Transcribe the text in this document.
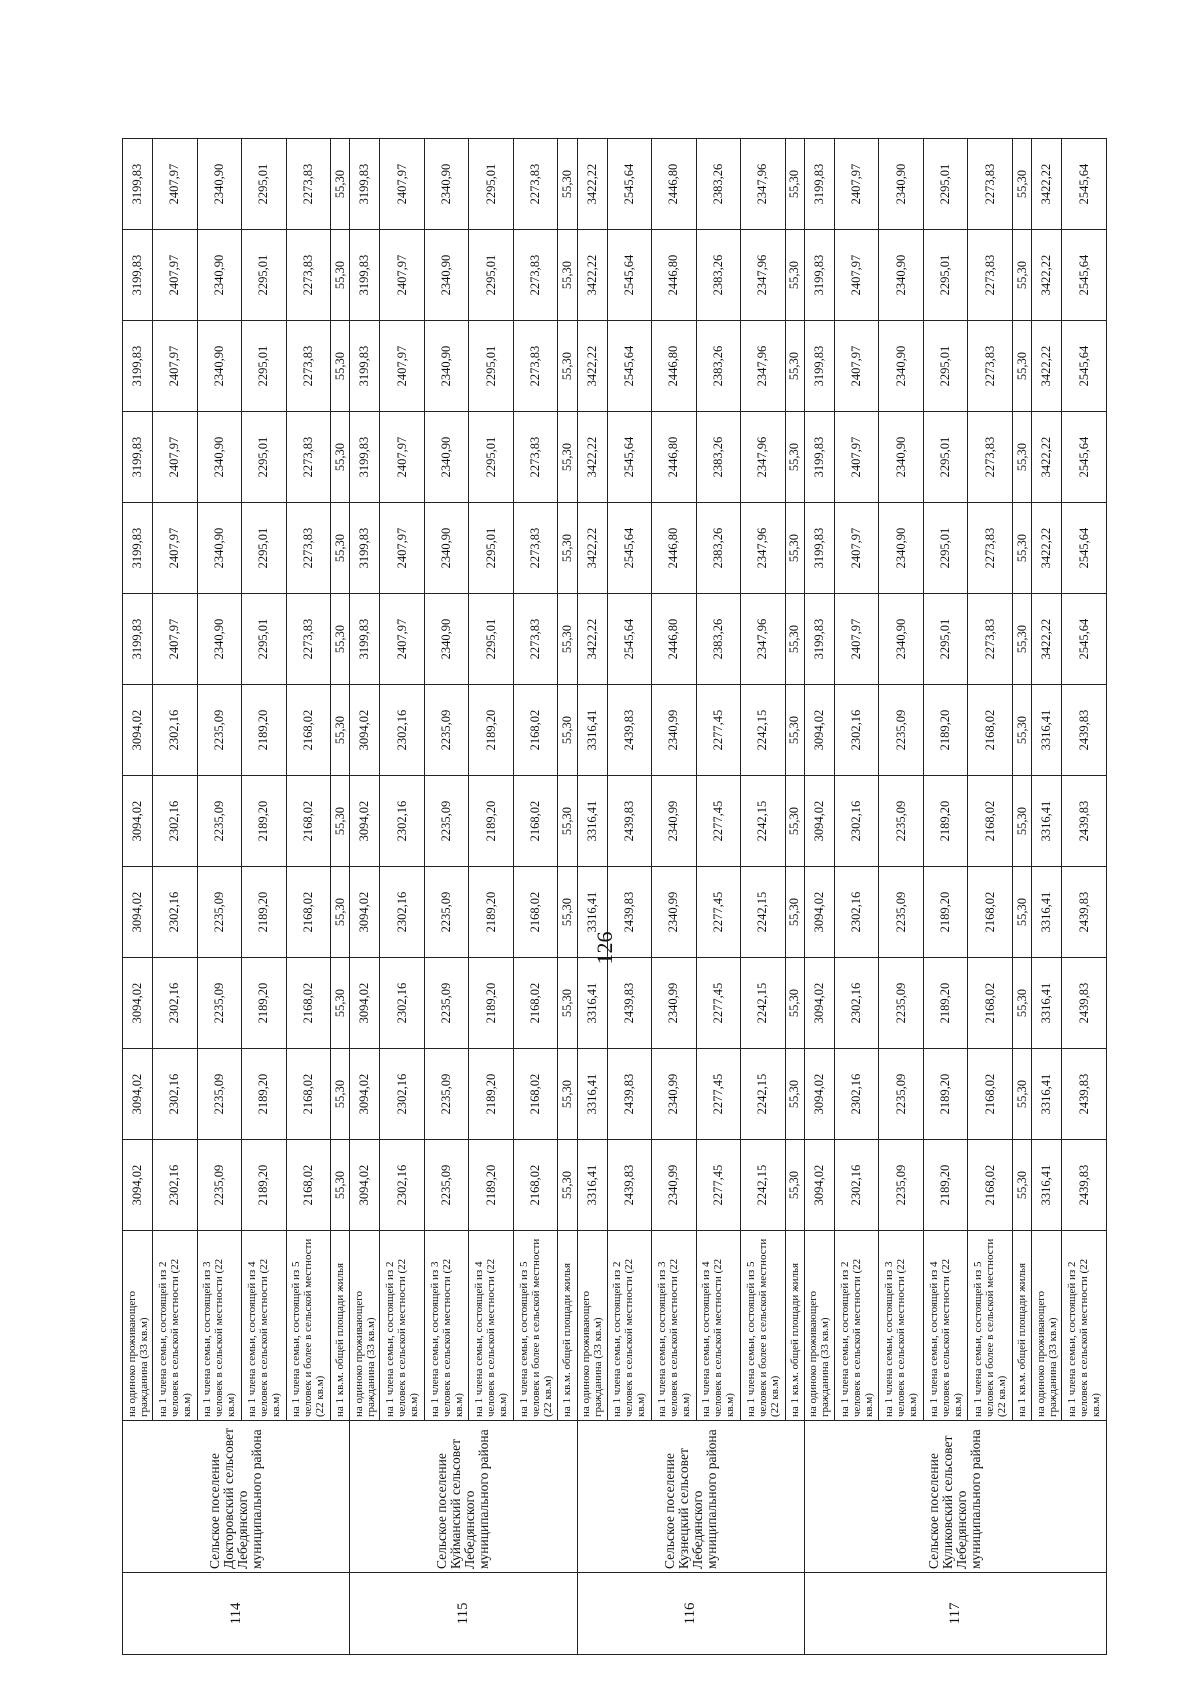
114	Сельское поселение Докторовский сельсовет Лебедянского муниципального района	на одиноко проживающего гражданина (33 кв.м)	3094,02	3094,02	3094,02	3094,02	3094,02	3094,02	3199,83	3199,83	3199,83	3199,83	3199,83	3199,83
		на 1 члена семьи, состоящей из 2 человек в сельской местности (22 кв.м)	2302,16	2302,16	2302,16	2302,16	2302,16	2302,16	2407,97	2407,97	2407,97	2407,97	2407,97	2407,97
		на 1 члена семьи, состоящей из 3 человек в сельской местности (22 кв.м)	2235,09	2235,09	2235,09	2235,09	2235,09	2235,09	2340,90	2340,90	2340,90	2340,90	2340,90	2340,90
		на 1 члена семьи, состоящей из 4 человек в сельской местности (22 кв.м)	2189,20	2189,20	2189,20	2189,20	2189,20	2189,20	2295,01	2295,01	2295,01	2295,01	2295,01	2295,01
		на 1 члена семьи, состоящей из 5 человек и более в сельской местности (22 кв.м)	2168,02	2168,02	2168,02	2168,02	2168,02	2168,02	2273,83	2273,83	2273,83	2273,83	2273,83	2273,83
		на 1 кв.м. общей площади жилья	55,30	55,30	55,30	55,30	55,30	55,30	55,30	55,30	55,30	55,30	55,30	55,30
115	Сельское поселение Куйманский сельсовет Лебедянского муниципального района	на одиноко проживающего гражданина (33 кв.м)	3094,02	3094,02	3094,02	3094,02	3094,02	3094,02	3199,83	3199,83	3199,83	3199,83	3199,83	3199,83
		на 1 члена семьи, состоящей из 2 человек в сельской местности (22 кв.м)	2302,16	2302,16	2302,16	2302,16	2302,16	2302,16	2407,97	2407,97	2407,97	2407,97	2407,97	2407,97
		на 1 члена семьи, состоящей из 3 человек в сельской местности (22 кв.м)	2235,09	2235,09	2235,09	2235,09	2235,09	2235,09	2340,90	2340,90	2340,90	2340,90	2340,90	2340,90
		на 1 члена семьи, состоящей из 4 человек в сельской местности (22 кв.м)	2189,20	2189,20	2189,20	2189,20	2189,20	2189,20	2295,01	2295,01	2295,01	2295,01	2295,01	2295,01
		на 1 члена семьи, состоящей из 5 человек и более в сельской местности (22 кв.м)	2168,02	2168,02	2168,02	2168,02	2168,02	2168,02	2273,83	2273,83	2273,83	2273,83	2273,83	2273,83
		на 1 кв.м. общей площади жилья	55,30	55,30	55,30	55,30	55,30	55,30	55,30	55,30	55,30	55,30	55,30	55,30
116	Сельское поселение Кузнецкий сельсовет Лебедянского муниципального района	на одиноко проживающего гражданина (33 кв.м)	3316,41	3316,41	3316,41	3316,41	3316,41	3316,41	3422,22	3422,22	3422,22	3422,22	3422,22	3422,22
		на 1 члена семьи, состоящей из 2 человек в сельской местности (22 кв.м)	2439,83	2439,83	2439,83	2439,83	2439,83	2439,83	2545,64	2545,64	2545,64	2545,64	2545,64	2545,64
		на 1 члена семьи, состоящей из 3 человек в сельской местности (22 кв.м)	2340,99	2340,99	2340,99	2340,99	2340,99	2340,99	2446,80	2446,80	2446,80	2446,80	2446,80	2446,80
		на 1 члена семьи, состоящей из 4 человек в сельской местности (22 кв.м)	2277,45	2277,45	2277,45	2277,45	2277,45	2277,45	2383,26	2383,26	2383,26	2383,26	2383,26	2383,26
		на 1 члена семьи, состоящей из 5 человек и более в сельской местности (22 кв.м)	2242,15	2242,15	2242,15	2242,15	2242,15	2242,15	2347,96	2347,96	2347,96	2347,96	2347,96	2347,96
		на 1 кв.м. общей площади жилья	55,30	55,30	55,30	55,30	55,30	55,30	55,30	55,30	55,30	55,30	55,30	55,30
117	Сельское поселение Куликовский сельсовет Лебедянского муниципального района	на одиноко проживающего гражданина (33 кв.м)	3094,02	3094,02	3094,02	3094,02	3094,02	3094,02	3199,83	3199,83	3199,83	3199,83	3199,83	3199,83
		на 1 члена семьи, состоящей из 2 человек в сельской местности (22 кв.м)	2302,16	2302,16	2302,16	2302,16	2302,16	2302,16	2407,97	2407,97	2407,97	2407,97	2407,97	2407,97
		на 1 члена семьи, состоящей из 3 человек в сельской местности (22 кв.м)	2235,09	2235,09	2235,09	2235,09	2235,09	2235,09	2340,90	2340,90	2340,90	2340,90	2340,90	2340,90
		на 1 члена семьи, состоящей из 4 человек в сельской местности (22 кв.м)	2189,20	2189,20	2189,20	2189,20	2189,20	2189,20	2295,01	2295,01	2295,01	2295,01	2295,01	2295,01
		на 1 члена семьи, состоящей из 5 человек и более в сельской местности (22 кв.м)	2168,02	2168,02	2168,02	2168,02	2168,02	2168,02	2273,83	2273,83	2273,83	2273,83	2273,83	2273,83
		на 1 кв.м. общей площади жилья	55,30	55,30	55,30	55,30	55,30	55,30	55,30	55,30	55,30	55,30	55,30	55,30
		на одиноко проживающего гражданина (33 кв.м)	3316,41	3316,41	3316,41	3316,41	3316,41	3316,41	3422,22	3422,22	3422,22	3422,22	3422,22	3422,22
		на 1 члена семьи, состоящей из 2 человек в сельской местности (22 кв.м)	2439,83	2439,83	2439,83	2439,83	2439,83	2439,83	2545,64	2545,64	2545,64	2545,64	2545,64	2545,64
126
